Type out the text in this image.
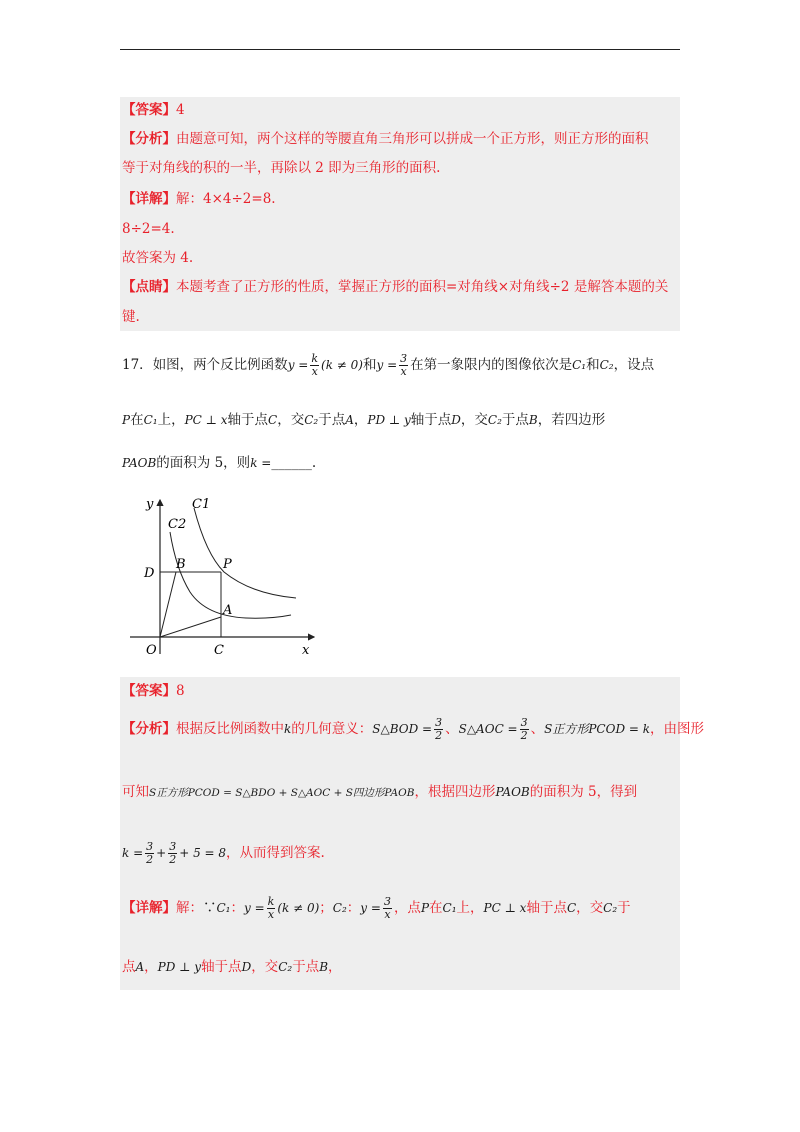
【答案】4
【分析】由题意可知，两个这样的等腰直角三角形可以拼成一个正方形，则正方形的面积
等于对角线的积的一半，再除以 2 即为三角形的面积.
【详解】解：4×4÷2=8.
8÷2=4.
故答案为 4.
【点睛】本题考查了正方形的性质，掌握正方形的面积=对角线×对角线÷2 是解答本题的关
键.
17．如图，两个反比例函数$y = \frac{k}{x} (k \ne 0)$和$y = \frac{3}{x}$ 在第一象限内的图像依次是C₁和C₂，设点
P在C₁上，PC ⊥ x轴于点C，交C₂于点A，PD ⊥ y轴于点D，交C₂于点B，若四边形
PAOB的面积为 5，则k =______.
y
x
C1
C2
D
B	P
A
O	C
【答案】8
【分析】根据反比例函数中k的几何意义：S△BOD = $\frac{3}{2}$ 、S△AOC = $\frac{3}{2}$ 、S正方形PCOD = k，由图形
可知S正方形PCOD = S△BDO + S△AOC + S四边形PAOB，根据四边形PAOB的面积为 5，得到
$k = \frac{3}{2} + \frac{3}{2} + 5 = 8$，从而得到答案.
【详解】解：∵C₁：$y = \frac{k}{x} (k \ne 0)$；C₂：$y = \frac{3}{x}$ ，点P在C₁上，PC ⊥ x轴于点C，交C₂于
点A，PD ⊥ y轴于点D，交C₂于点B，
